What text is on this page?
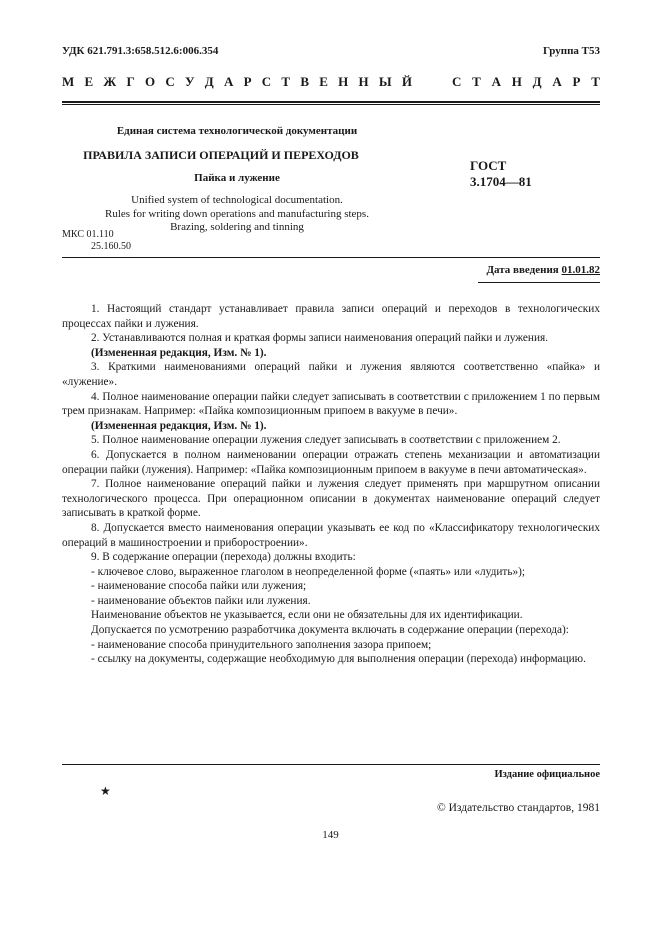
УДК 621.791.3:658.512.6:006.354	Группа Т53
М Е Ж Г О С У Д А Р С Т В Е Н Н Ы Й	С Т А Н Д А Р Т
Единая система технологической документации
ПРАВИЛА ЗАПИСИ ОПЕРАЦИЙ И ПЕРЕХОДОВ
Пайка и лужение
ГОСТ
3.1704—81
Unified system of technological documentation.
Rules for writing down operations and manufacturing steps.
Brazing, soldering and tinning
МКС 01.110
25.160.50
Дата введения 01.01.82

1. Настоящий стандарт устанавливает правила записи операций и переходов в технологических процессах пайки и лужения.

2. Устанавливаются полная и краткая формы записи наименования операций пайки и лужения.

(Измененная редакция, Изм. № 1).

3. Краткими наименованиями операций пайки и лужения являются соответственно «пайка» и «лужение».

4. Полное наименование операции пайки следует записывать в соответствии с приложением 1 по первым трем признакам. Например: «Пайка композиционным припоем в вакууме в печи».

(Измененная редакция, Изм. № 1).

5. Полное наименование операции лужения следует записывать в соответствии с приложением 2.

6. Допускается в полном наименовании операции отражать степень механизации и автоматизации операции пайки (лужения). Например: «Пайка композиционным припоем в вакууме в печи автоматическая».

7. Полное наименование операций пайки и лужения следует применять при маршрутном описании технологического процесса. При операционном описании в документах наименование операций следует записывать в краткой форме.

8. Допускается вместо наименования операции указывать ее код по «Классификатору технологических операций в машиностроении и приборостроении».

9. В содержание операции (перехода) должны входить:

- ключевое слово, выраженное глаголом в неопределенной форме («паять» или «лудить»);

- наименование способа пайки или лужения;

- наименование объектов пайки или лужения.

Наименование объектов не указывается, если они не обязательны для их идентификации.

Допускается по усмотрению разработчика документа включать в содержание операции (перехода):

- наименование способа принудительного заполнения зазора припоем;

- ссылку на документы, содержащие необходимую для выполнения операции (перехода) информацию.

Издание официальное
★
© Издательство стандартов, 1981
149
